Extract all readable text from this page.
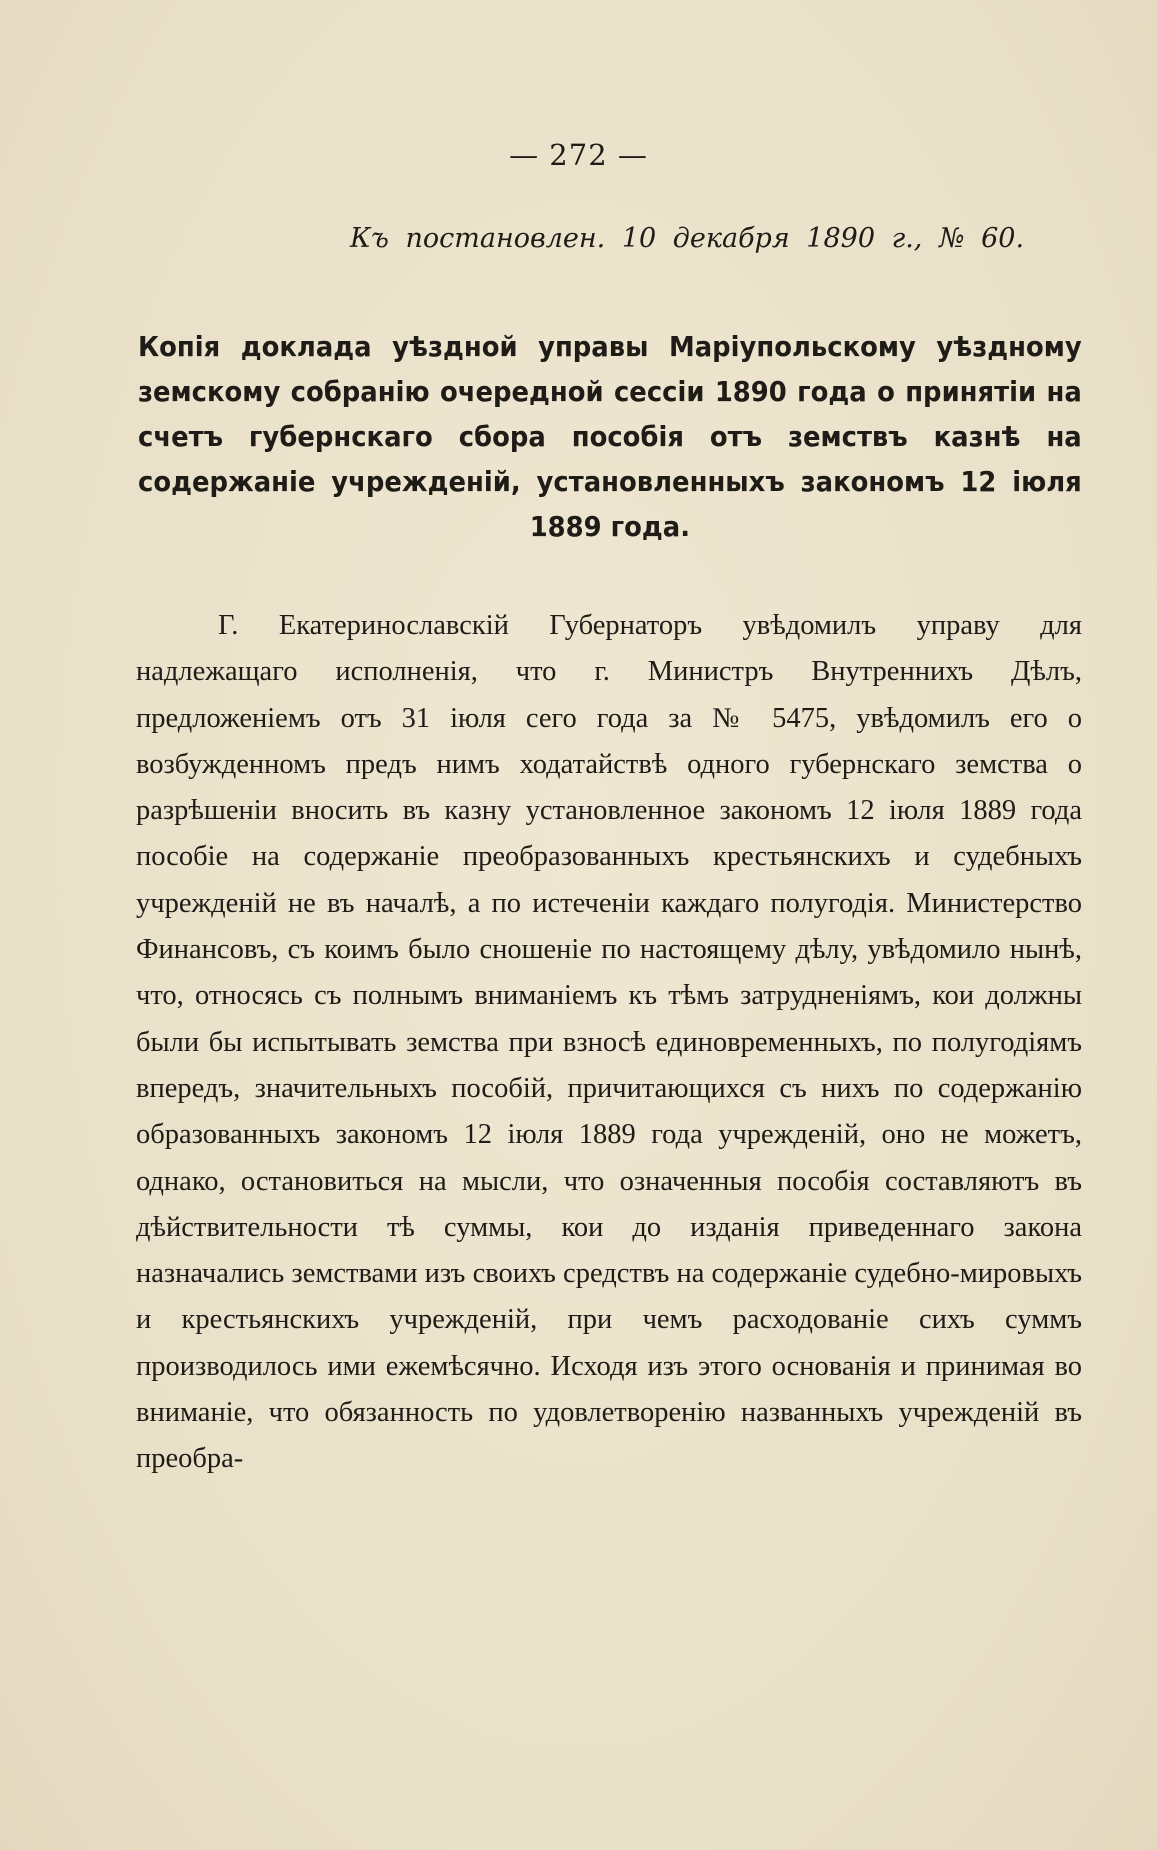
— 272 —
Къ постановлен. 10 декабря 1890 г., № 60.
Копія доклада уѣздной управы Маріупольскому уѣздному земскому собранію очередной сессіи 1890 года о принятіи на счетъ губернскаго сбора пособія отъ земствъ казнѣ на содержаніе учрежденій, установленныхъ закономъ 12 іюля 1889 года.

Г. Екатеринославскій Губернаторъ увѣдомилъ управу для надлежащаго исполненія, что г. Министръ Внутреннихъ Дѣлъ, предложеніемъ отъ 31 іюля сего года за № 5475, увѣдомилъ его о возбужденномъ предъ нимъ ходатайствѣ одного губернскаго земства о разрѣшеніи вносить въ казну установленное закономъ 12 іюля 1889 года пособіе на содержаніе преобразованныхъ крестьянскихъ и судебныхъ учрежденій не въ началѣ, а по истеченіи каждаго полугодія. Министерство Финансовъ, съ коимъ было сношеніе по настоящему дѣлу, увѣдомило нынѣ, что, относясь съ полнымъ вниманіемъ къ тѣмъ затрудненіямъ, кои должны были бы испытывать земства при взносѣ единовременныхъ, по полугодіямъ впередъ, значительныхъ пособій, причитающихся съ нихъ по содержанію образованныхъ закономъ 12 іюля 1889 года учрежденій, оно не можетъ, однако, остановиться на мысли, что означенныя пособія составляютъ въ дѣйствительности тѣ суммы, кои до изданія приведеннаго закона назначались земствами изъ своихъ средствъ на содержаніе судебно-мировыхъ и крестьянскихъ учрежденій, при чемъ расходованіе сихъ суммъ производилось ими ежемѣсячно. Исходя изъ этого основанія и принимая во вниманіе, что обязанность по удовлетворенію названныхъ учрежденій въ преобра-
